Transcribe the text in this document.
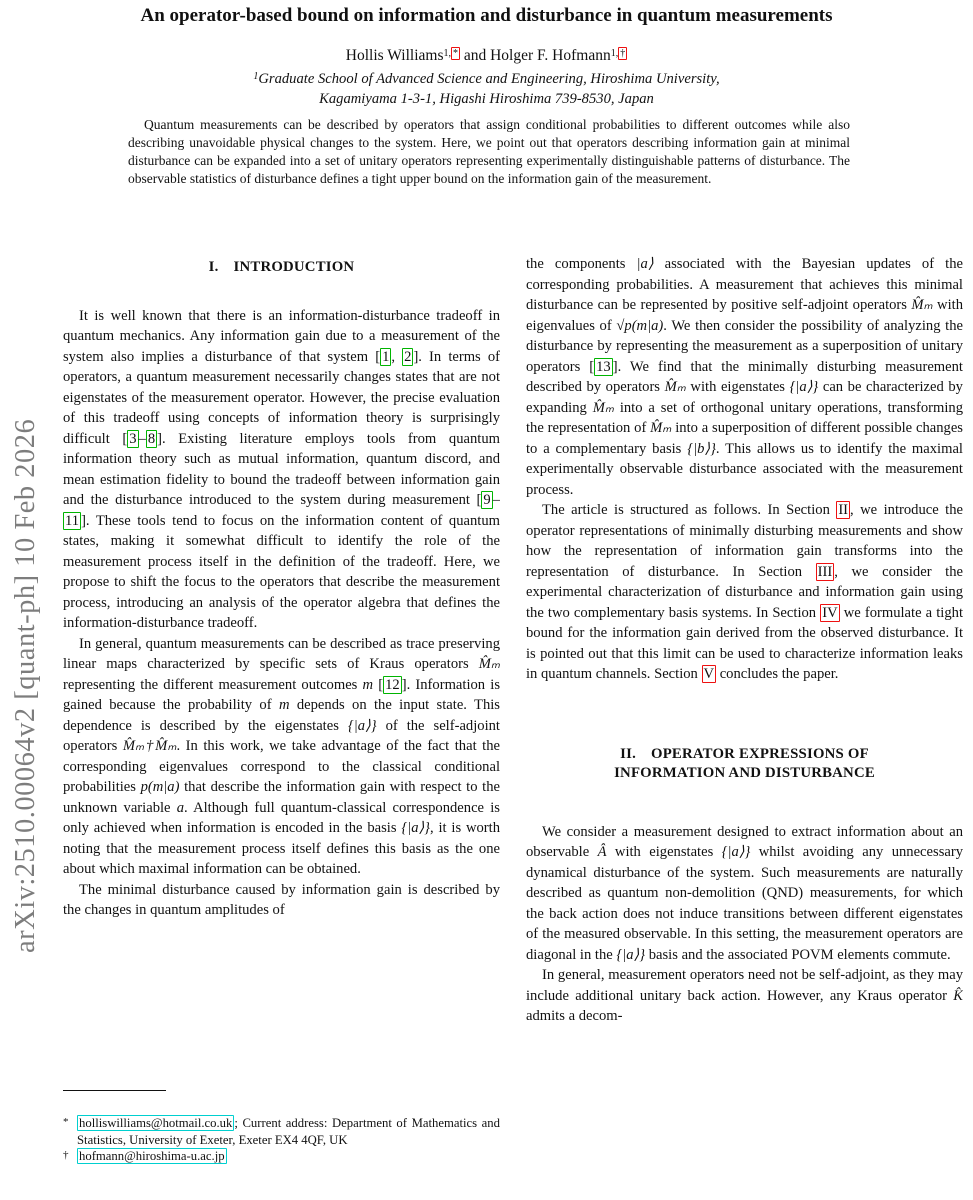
arXiv:2510.00064v2 [quant-ph] 10 Feb 2026
An operator-based bound on information and disturbance in quantum measurements
Hollis Williams$^{1,}$ * and Holger F. Hofmann$^{1,}$ †
$^1$Graduate School of Advanced Science and Engineering, Hiroshima University,
Kagamiyama 1-3-1, Higashi Hiroshima 739-8530, Japan
Quantum measurements can be described by operators that assign conditional probabilities to different outcomes while also describing unavoidable physical changes to the system. Here, we point out that operators describing information gain at minimal disturbance can be expanded into a set of unitary operators representing experimentally distinguishable patterns of disturbance. The observable statistics of disturbance defines a tight upper bound on the information gain of the measurement.
I. INTRODUCTION

It is well known that there is an information-disturbance tradeoff in quantum mechanics. Any information gain due to a measurement of the system also implies a disturbance of that system [ 1 , 2 ]. In terms of operators, a quantum measurement necessarily changes states that are not eigenstates of the measurement operator. However, the precise evaluation of this tradeoff using concepts of information theory is surprisingly difficult [ 3 – 8 ]. Existing literature employs tools from quantum information theory such as mutual information, quantum discord, and mean estimation fidelity to bound the tradeoff between information gain and the disturbance introduced to the system during measurement [ 9 –11 ]. These tools tend to focus on the information content of quantum states, making it somewhat difficult to identify the role of the measurement process itself in the definition of the tradeoff. Here, we propose to shift the focus to the operators that describe the measurement process, introducing an analysis of the operator algebra that defines the information-disturbance tradeoff.

In general, quantum measurements can be described as trace preserving linear maps characterized by specific sets of Kraus operators M̂ₘ representing the different measurement outcomes m [ 12 ]. Information is gained because the probability of m depends on the input state. This dependence is described by the eigenstates {|a⟩} of the self-adjoint operators M̂ₘ†M̂ₘ. In this work, we take advantage of the fact that the corresponding eigenvalues correspond to the classical conditional probabilities p(m|a) that describe the information gain with respect to the unknown variable a. Although full quantum-classical correspondence is only achieved when information is encoded in the basis {|a⟩}, it is worth noting that the measurement process itself defines this basis as the one about which maximal information can be obtained.

The minimal disturbance caused by information gain is described by the changes in quantum amplitudes of

the components |a⟩ associated with the Bayesian updates of the corresponding probabilities. A measurement that achieves this minimal disturbance can be represented by positive self-adjoint operators M̂ₘ with eigenvalues of √p(m|a). We then consider the possibility of analyzing the disturbance by representing the measurement as a superposition of unitary operators [ 13 ]. We find that the minimally disturbing measurement described by operators M̂ₘ with eigenstates {|a⟩} can be characterized by expanding M̂ₘ into a set of orthogonal unitary operations, transforming the representation of M̂ₘ into a superposition of different possible changes to a complementary basis {|b⟩}. This allows us to identify the maximal experimentally observable disturbance associated with the measurement process.

The article is structured as follows. In Section II , we introduce the operator representations of minimally disturbing measurements and show how the representation of information gain transforms into the representation of disturbance. In Section III , we consider the experimental characterization of disturbance and information gain using the two complementary basis systems. In Section IV we formulate a tight bound for the information gain derived from the observed disturbance. It is pointed out that this limit can be used to characterize information leaks in quantum channels. Section V concludes the paper.

II. OPERATOR EXPRESSIONS OF
INFORMATION AND DISTURBANCE

We consider a measurement designed to extract information about an observable Â with eigenstates {|a⟩} whilst avoiding any unnecessary dynamical disturbance of the system. Such measurements are naturally described as quantum non-demolition (QND) measurements, for which the back action does not induce transitions between different eigenstates of the measured observable. In this setting, the measurement operators are diagonal in the {|a⟩} basis and the associated POVM elements commute.

In general, measurement operators need not be self-adjoint, as they may include additional unitary back action. However, any Kraus operator K̂ admits a decom-

* holliswilliams@hotmail.co.uk ; Current address: Department of Mathematics and Statistics, University of Exeter, Exeter EX4 4QF, UK

† hofmann@hiroshima-u.ac.jp
